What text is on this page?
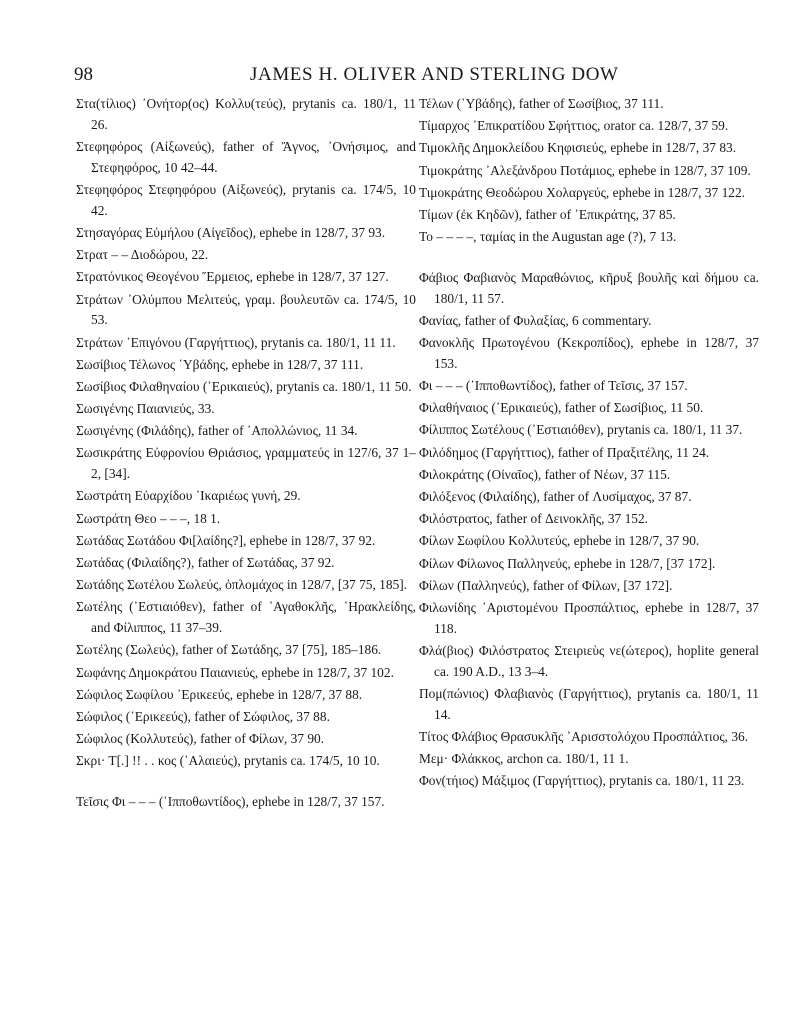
98	JAMES H. OLIVER AND STERLING DOW

Στα(τίλιος) ᾿Ονήτορ(ος) Κολλυ(τεύς), prytanis ca. 180/1, 11 26.

Στεφηφόρος (Αἰξωνεύς), father of Ἄγνος, ᾿Ονήσιμος, and Στεφηφόρος, 10 42–44.

Στεφηφόρος Στεφηφόρου (Αἰξωνεύς), prytanis ca. 174/5, 10 42.

Στησαγόρας Εὐμήλου (Αἰγεῖδος), ephebe in 128/7, 37 93.

Στρατ – – Διοδώρου, 22.

Στρατόνικος Θεογένου Ἕρμειος, ephebe in 128/7, 37 127.

Στράτων ᾿Ολύμπου Μελιτεύς, γραμ. βουλευτῶν ca. 174/5, 10 53.

Στράτων ᾿Επιγόνου (Γαργήττιος), prytanis ca. 180/1, 11 11.

Σωσίβιος Τέλωνος ῾Υβάδης, ephebe in 128/7, 37 111.

Σωσίβιος Φιλαθηναίου (᾿Ερικαιεύς), prytanis ca. 180/1, 11 50.

Σωσιγένης Παιανιεύς, 33.

Σωσιγένης (Φιλάδης), father of ᾿Απολλώνιος, 11 34.

Σωσικράτης Εὐφρονίου Θριάσιος, γραμματεύς in 127/6, 37 1–2, [34].

Σωστράτη Εὐαρχίδου ᾿Ικαριέως γυνή, 29.

Σωστράτη Θεο – – –, 18 1.

Σωτάδας Σωτάδου Φι[λαίδης?], ephebe in 128/7, 37 92.

Σωτάδας (Φιλαίδης?), father of Σωτάδας, 37 92.

Σωτάδης Σωτέλου Σωλεύς, ὁπλομάχος in 128/7, [37 75, 185].

Σωτέλης (᾿Εστιαιόθεν), father of ᾿Αγαθοκλῆς, ῾Ηρακλείδης, and Φίλιππος, 11 37–39.

Σωτέλης (Σωλεύς), father of Σωτάδης, 37 [75], 185–186.

Σωφάνης Δημοκράτου Παιανιεύς, ephebe in 128/7, 37 102.

Σώφιλος Σωφίλου ᾿Ερικεεύς, ephebe in 128/7, 37 88.

Σώφιλος (᾿Ερικεεύς), father of Σώφιλος, 37 88.

Σώφιλος (Κολλυτεύς), father of Φίλων, 37 90.

Σκρι· Τ[.] !! . . κος (῾Αλαιεύς), prytanis ca. 174/5, 10 10.

Τεῖσις Φι – – – (῾Ιπποθωντίδος), ephebe in 128/7, 37 157.

Τέλων (῾Υβάδης), father of Σωσίβιος, 37 111.

Τίμαρχος ᾿Επικρατίδου Σφήττιος, orator ca. 128/7, 37 59.

Τιμοκλῆς Δημοκλείδου Κηφισιεύς, ephebe in 128/7, 37 83.

Τιμοκράτης ᾿Αλεξάνδρου Ποτάμιος, ephebe in 128/7, 37 109.

Τιμοκράτης Θεοδώρου Χολαργεύς, ephebe in 128/7, 37 122.

Τίμων (ἐκ Κηδῶν), father of ᾿Επικράτης, 37 85.

Το – – – –, ταμίας in the Augustan age (?), 7 13.

Φάβιος Φαβιανὸς Μαραθώνιος, κῆρυξ βουλῆς καὶ δήμου ca. 180/1, 11 57.

Φανίας, father of Φυλαξίας, 6 commentary.

Φανοκλῆς Πρωτογένου (Κεκροπίδος), ephebe in 128/7, 37 153.

Φι – – – (῾Ιπποθωντίδος), father of Τεῖσις, 37 157.

Φιλαθήναιος (᾿Ερικαιεύς), father of Σωσίβιος, 11 50.

Φίλιππος Σωτέλους (᾿Εστιαιόθεν), prytanis ca. 180/1, 11 37.

Φιλόδημος (Γαργήττιος), father of Πραξιτέλης, 11 24.

Φιλοκράτης (Οἰναῖος), father of Νέων, 37 115.

Φιλόξενος (Φιλαίδης), father of Λυσίμαχος, 37 87.

Φιλόστρατος, father of Δεινοκλῆς, 37 152.

Φίλων Σωφίλου Κολλυτεύς, ephebe in 128/7, 37 90.

Φίλων Φίλωνος Παλληνεύς, ephebe in 128/7, [37 172].

Φίλων (Παλληνεύς), father of Φίλων, [37 172].

Φιλωνίδης ᾿Αριστομένου Προσπάλτιος, ephebe in 128/7, 37 118.

Φλά(βιος) Φιλόστρατος Στειριεὺς νε(ώτερος), hoplite general ca. 190 A.D., 13 3–4.

Πομ(πώνιος) Φλαβιανὸς (Γαργήττιος), prytanis ca. 180/1, 11 14.

Τίτος Φλάβιος Θρασυκλῆς ᾿Αρισστολόχου Προσπάλτιος, 36.

Μεμ· Φλάκκος, archon ca. 180/1, 11 1.

Φον(τήιος) Μάξιμος (Γαργήττιος), prytanis ca. 180/1, 11 23.
